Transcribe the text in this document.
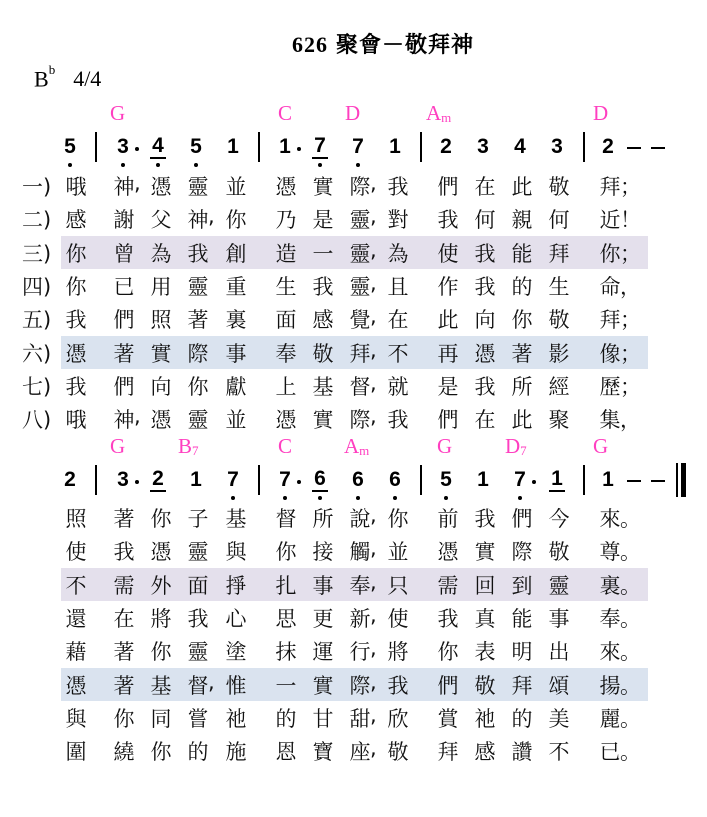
626 聚會－敬拜神
$B^b$ 4/4
G	C	D	$A_m$	D
5 3 4 5 1 1 7 7 1 2 3 4 3 2
一) 哦 神 憑 靈 並 憑 實 際 我 們 在 此 敬 拜
,	,	；
二) 感 謝 父 神 你 乃 是 靈 對 我 何 親 何 近
,	,	！
三) 你 曾 為 我 創 造 一 靈 為 使 我 能 拜 你
,	；
四) 你 已 用 靈 重 生 我 靈 且 作 我 的 生 命
,	，
五) 我 們 照 著 裏 面 感 覺 在 此 向 你 敬 拜
,	；
六) 憑 著 實 際 事 奉 敬 拜 不 再 憑 著 影 像
,	；
七) 我 們 向 你 獻 上 基 督 就 是 我 所 經 歷
,	；
八) 哦 神 憑 靈 並 憑 實 際 我 們 在 此 聚 集
,	,	，
G	$B_7$	C $A_m$	G	$D_7$	G
2 3 2 1 7 7 6 6 6 5 1 7 1 1
照 著 你 子 基 督 所 說 你 前 我 們 今 來
,	。
使 我 憑 靈 與 你 接 觸 並 憑 實 際 敬 尊
,	。
不 需 外 面 掙 扎 事 奉 只 需 回 到 靈 裏
,	。
還 在 將 我 心 思 更 新 使 我 真 能 事 奉
,	。
藉 著 你 靈 塗 抹 運 行 將 你 表 明 出 來
,	。
憑 著 基 督 惟 一 實 際 我 們 敬 拜 頌 揚
,	,	。
與 你 同 嘗 祂 的 甘 甜 欣 賞 祂 的 美 麗
,	。
圍 繞 你 的 施 恩 寶 座 敬 拜 感 讚 不 已
,	。
